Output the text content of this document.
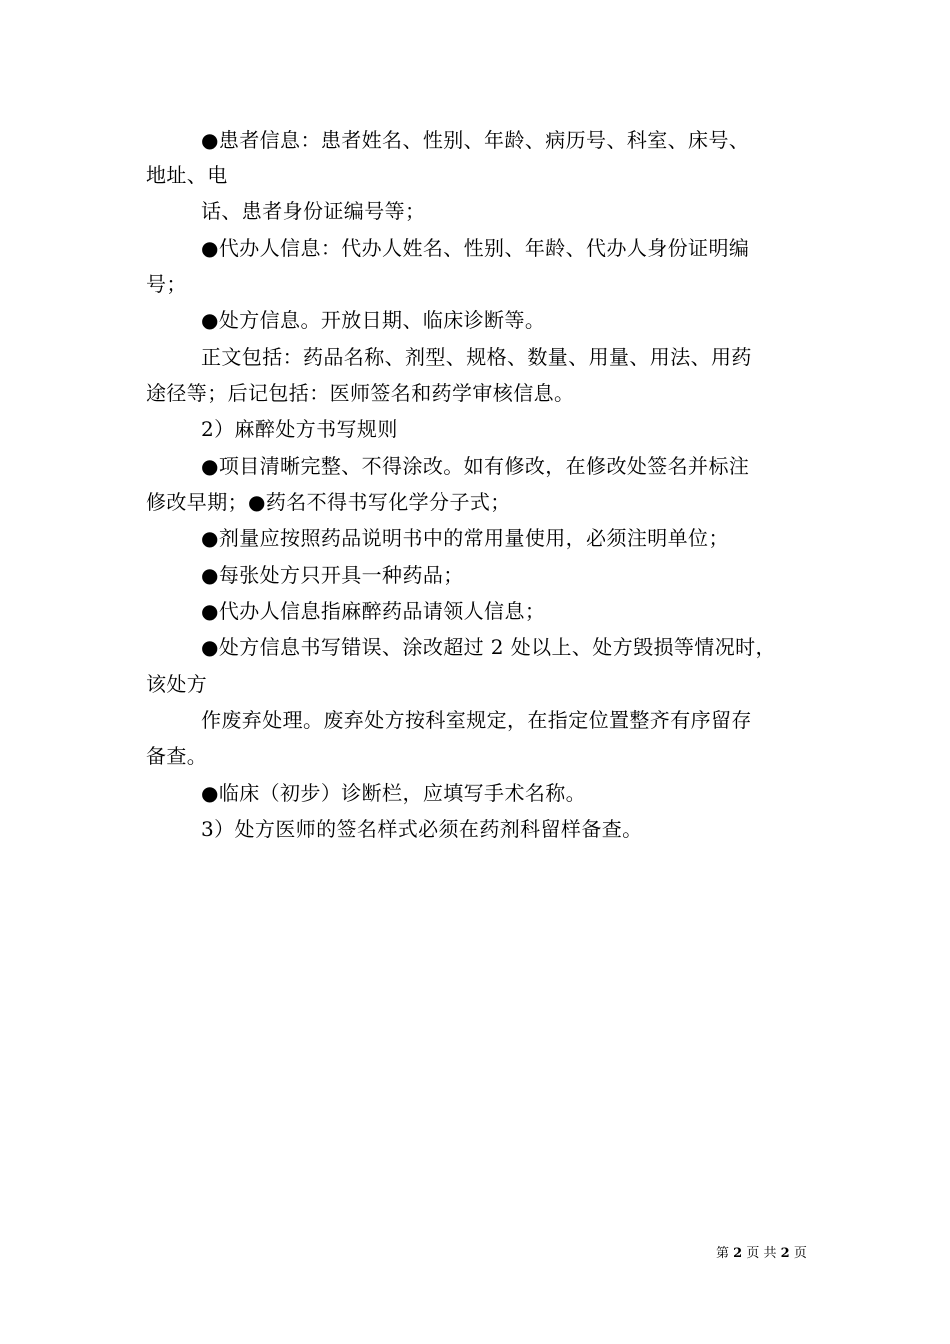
●患者信息：患者姓名、性别、年龄、病历号、科室、床号、
地址、电
话、患者身份证编号等；
●代办人信息：代办人姓名、性别、年龄、代办人身份证明编
号；
●处方信息。开放日期、临床诊断等。
正文包括：药品名称、剂型、规格、数量、用量、用法、用药
途径等；后记包括：医师签名和药学审核信息。
2）麻醉处方书写规则
●项目清晰完整、不得涂改。如有修改，在修改处签名并标注
修改早期；●药名不得书写化学分子式；
●剂量应按照药品说明书中的常用量使用，必须注明单位；
●每张处方只开具一种药品；
●代办人信息指麻醉药品请领人信息；
●处方信息书写错误、涂改超过 2 处以上、处方毁损等情况时，
该处方
作废弃处理。废弃处方按科室规定，在指定位置整齐有序留存
备查。
●临床（初步）诊断栏，应填写手术名称。
3）处方医师的签名样式必须在药剂科留样备查。
第 2 页 共 2 页
